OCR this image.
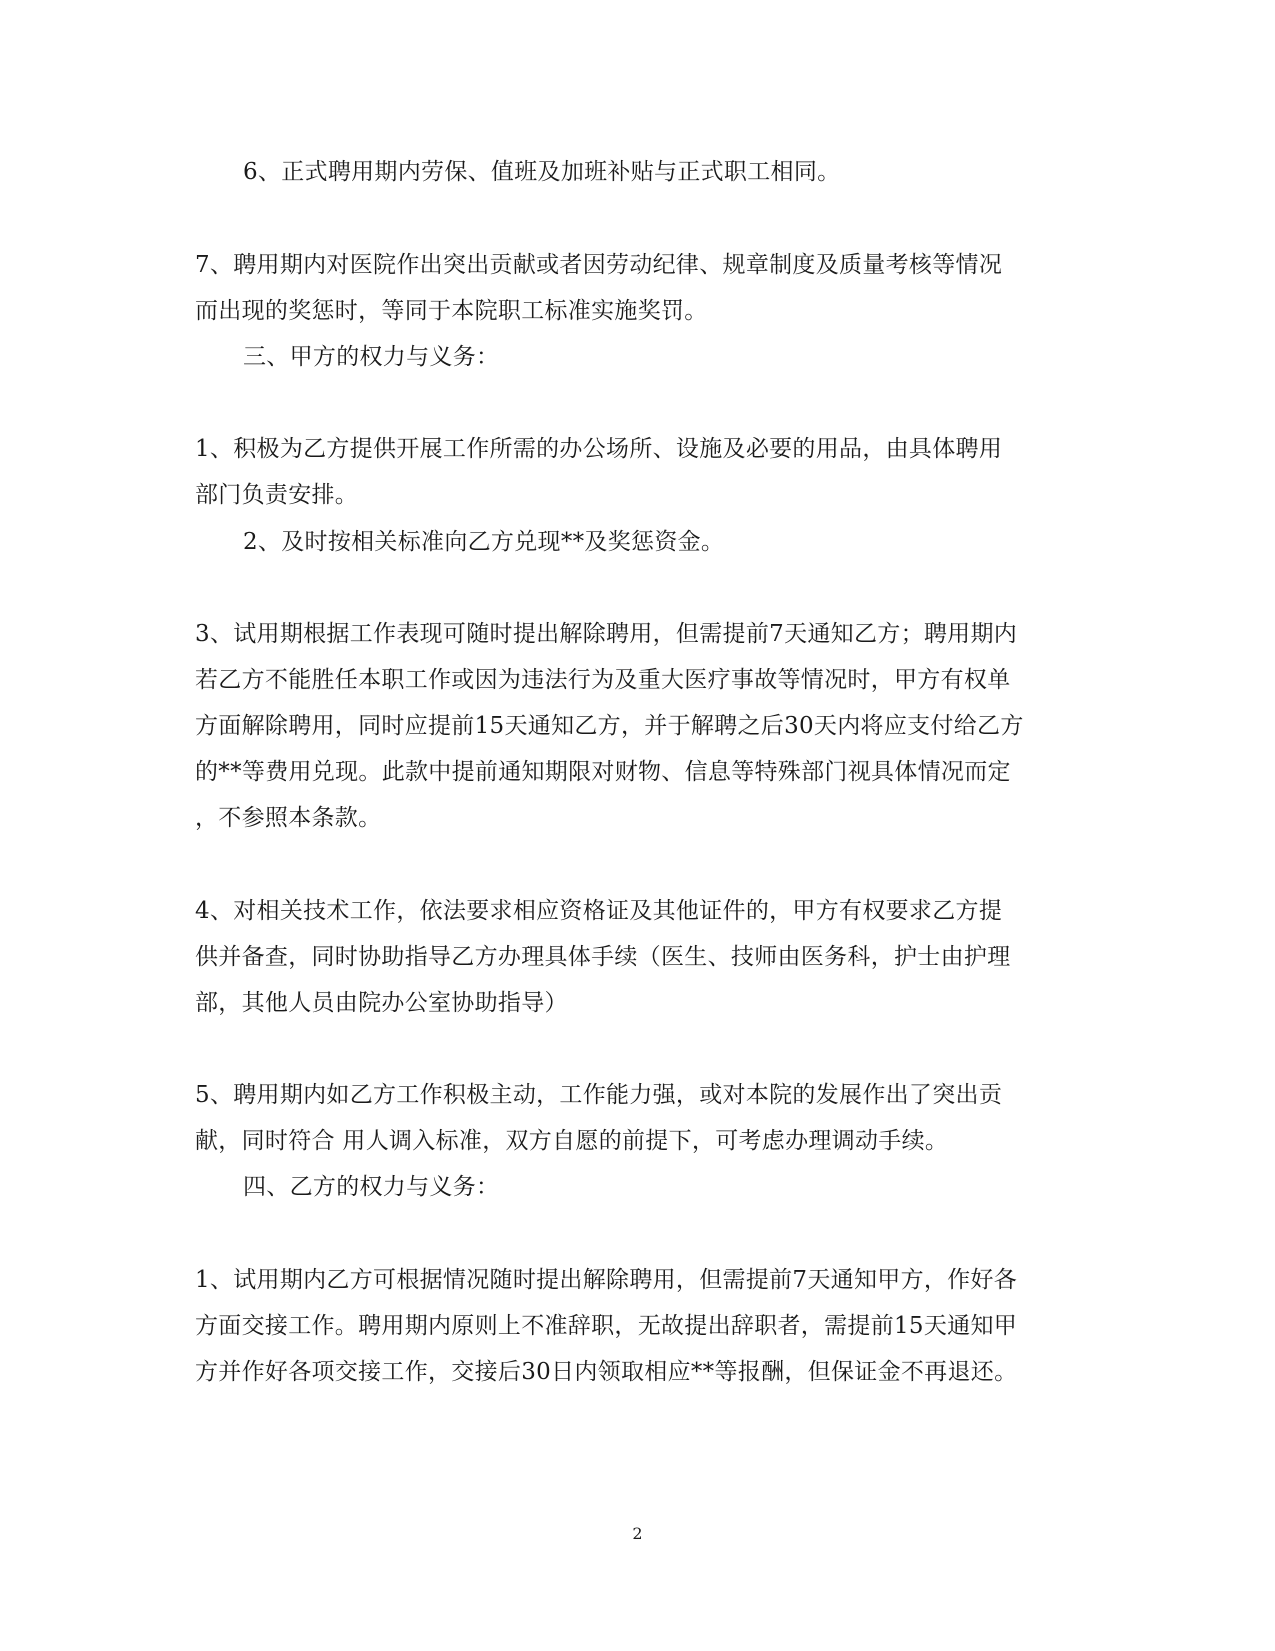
6、正式聘用期内劳保、值班及加班补贴与正式职工相同。
7、聘用期内对医院作出突出贡献或者因劳动纪律、规章制度及质量考核等情况
而出现的奖惩时，等同于本院职工标准实施奖罚。
三、甲方的权力与义务：
1、积极为乙方提供开展工作所需的办公场所、设施及必要的用品，由具体聘用
部门负责安排。
2、及时按相关标准向乙方兑现**及奖惩资金。
3、试用期根据工作表现可随时提出解除聘用，但需提前7天通知乙方；聘用期内
若乙方不能胜任本职工作或因为违法行为及重大医疗事故等情况时，甲方有权单
方面解除聘用，同时应提前15天通知乙方，并于解聘之后30天内将应支付给乙方
的**等费用兑现。此款中提前通知期限对财物、信息等特殊部门视具体情况而定
，不参照本条款。
4、对相关技术工作，依法要求相应资格证及其他证件的，甲方有权要求乙方提
供并备查，同时协助指导乙方办理具体手续（医生、技师由医务科，护士由护理
部，其他人员由院办公室协助指导）
5、聘用期内如乙方工作积极主动，工作能力强，或对本院的发展作出了突出贡
献，同时符合 用人调入标准，双方自愿的前提下，可考虑办理调动手续。
四、乙方的权力与义务：
1、试用期内乙方可根据情况随时提出解除聘用，但需提前7天通知甲方，作好各
方面交接工作。聘用期内原则上不准辞职，无故提出辞职者，需提前15天通知甲
方并作好各项交接工作，交接后30日内领取相应**等报酬，但保证金不再退还。
2
